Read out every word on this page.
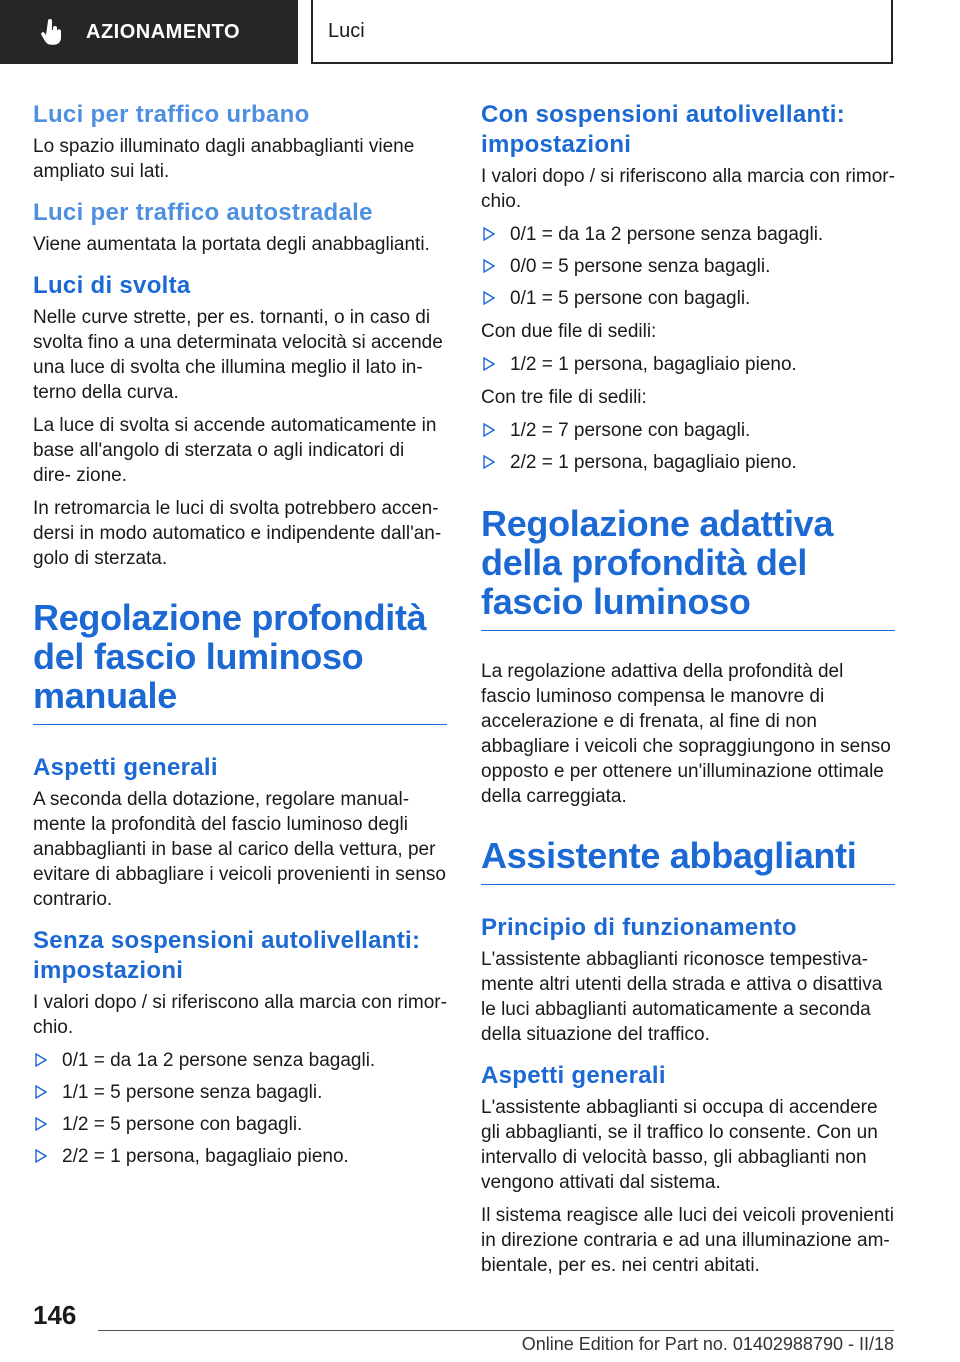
AZIONAMENTO	Luci
Luci per traffico urbano

Lo spazio illuminato dagli anabbaglianti viene ampliato sui lati.

Luci per traffico autostradale

Viene aumentata la portata degli anabbaglianti.

Luci di svolta

Nelle curve strette, per es. tornanti, o in caso di svolta fino a una determinata velocità si accende una luce di svolta che illumina meglio il lato in‐ terno della curva.

La luce di svolta si accende automaticamente in base all'angolo di sterzata o agli indicatori di dire‐ zione.

In retromarcia le luci di svolta potrebbero accen‐ dersi in modo automatico e indipendente dall'an‐ golo di sterzata.

Regolazione profondità del fascio luminoso manuale
Aspetti generali

A seconda della dotazione, regolare manual‐ mente la profondità del fascio luminoso degli anabbaglianti in base al carico della vettura, per evitare di abbagliare i veicoli provenienti in senso contrario.

Senza sospensioni autolivellanti: impostazioni

I valori dopo / si riferiscono alla marcia con rimor‐ chio.

0/1 = da 1a 2 persone senza bagagli.
1/1 = 5 persone senza bagagli.
1/2 = 5 persone con bagagli.
2/2 = 1 persona, bagagliaio pieno.
Con sospensioni autolivellanti: impostazioni

I valori dopo / si riferiscono alla marcia con rimor‐ chio.

0/1 = da 1a 2 persone senza bagagli.
0/0 = 5 persone senza bagagli.
0/1 = 5 persone con bagagli.

Con due file di sedili:

1/2 = 1 persona, bagagliaio pieno.

Con tre file di sedili:

1/2 = 7 persone con bagagli.
2/2 = 1 persona, bagagliaio pieno.
Regolazione adattiva della profondità del fascio luminoso

La regolazione adattiva della profondità del fascio luminoso compensa le manovre di accelerazione e di frenata, al fine di non abbagliare i veicoli che sopraggiungono in senso opposto e per ottenere un'illuminazione ottimale della carreggiata.

Assistente abbaglianti
Principio di funzionamento

L'assistente abbaglianti riconosce tempestiva‐ mente altri utenti della strada e attiva o disattiva le luci abbaglianti automaticamente a seconda della situazione del traffico.

Aspetti generali

L'assistente abbaglianti si occupa di accendere gli abbaglianti, se il traffico lo consente. Con un intervallo di velocità basso, gli abbaglianti non vengono attivati dal sistema.

Il sistema reagisce alle luci dei veicoli provenienti in direzione contraria e ad una illuminazione am‐ bientale, per es. nei centri abitati.

146
Online Edition for Part no. 01402988790 - II/18
